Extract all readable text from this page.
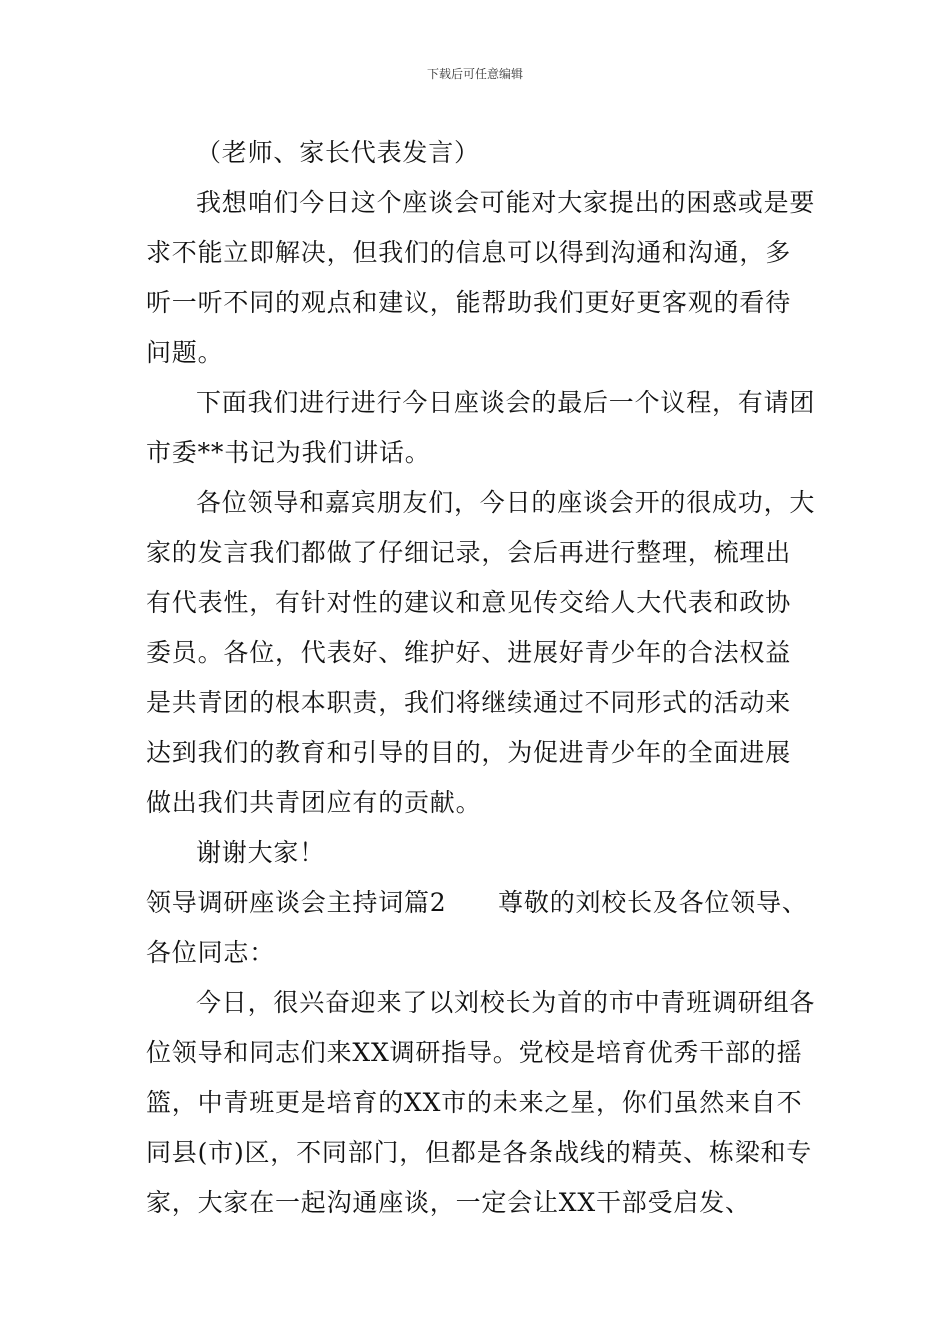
下载后可任意编辑

（老师、家长代表发言）

我想咱们今日这个座谈会可能对大家提出的困惑或是要求不能立即解决，但我们的信息可以得到沟通和沟通，多听一听不同的观点和建议，能帮助我们更好更客观的看待问题。

下面我们进行进行今日座谈会的最后一个议程，有请团市委**书记为我们讲话。

各位领导和嘉宾朋友们，今日的座谈会开的很成功，大家的发言我们都做了仔细记录，会后再进行整理，梳理出有代表性，有针对性的建议和意见传交给人大代表和政协委员。各位，代表好、维护好、进展好青少年的合法权益是共青团的根本职责，我们将继续通过不同形式的活动来达到我们的教育和引导的目的，为促进青少年的全面进展做出我们共青团应有的贡献。

谢谢大家！

领导调研座谈会主持词篇2　　尊敬的刘校长及各位领导、各位同志：

今日，很兴奋迎来了以刘校长为首的市中青班调研组各位领导和同志们来XX调研指导。党校是培育优秀干部的摇篮，中青班更是培育的XX市的未来之星，你们虽然来自不同县(市)区，不同部门，但都是各条战线的精英、栋梁和专家，大家在一起沟通座谈，一定会让XX干部受启发、
